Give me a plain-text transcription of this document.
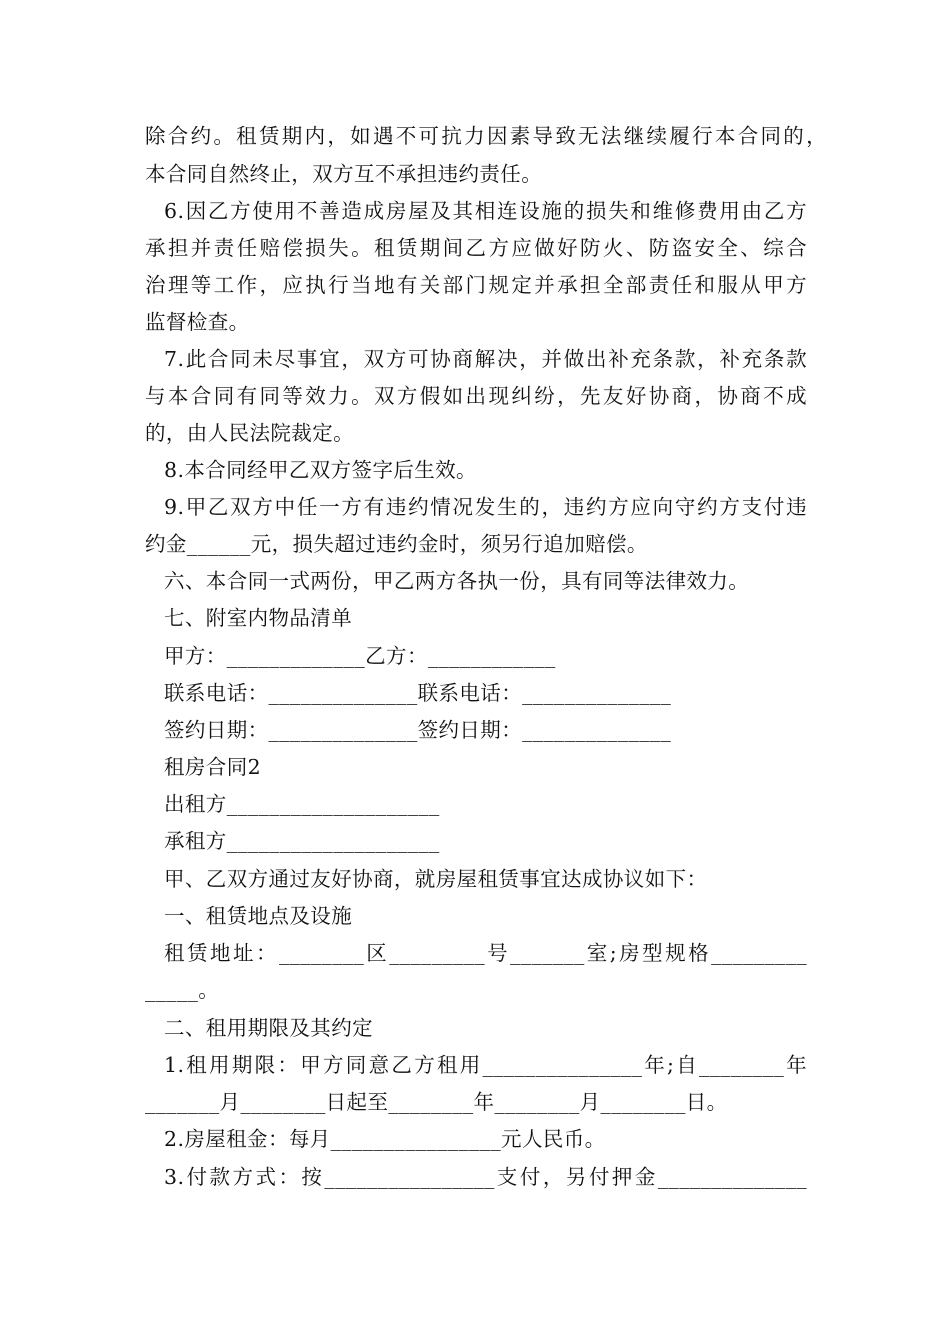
除合约。租赁期内，如遇不可抗力因素导致无法继续履行本合同的，
本合同自然终止，双方互不承担违约责任。
6.因乙方使用不善造成房屋及其相连设施的损失和维修费用由乙方
承担并责任赔偿损失。租赁期间乙方应做好防火、防盗安全、综合
治理等工作，应执行当地有关部门规定并承担全部责任和服从甲方
监督检查。
7.此合同未尽事宜，双方可协商解决，并做出补充条款，补充条款
与本合同有同等效力。双方假如出现纠纷，先友好协商，协商不成
的，由人民法院裁定。
8.本合同经甲乙双方签字后生效。
9.甲乙双方中任一方有违约情况发生的，违约方应向守约方支付违
约金______元，损失超过违约金时，须另行追加赔偿。
六、本合同一式两份，甲乙两方各执一份，具有同等法律效力。
七、附室内物品清单
甲方：_____________乙方：____________
联系电话：______________联系电话：______________
签约日期：______________签约日期：______________
租房合同2
出租方____________________
承租方____________________
甲、乙双方通过友好协商，就房屋租赁事宜达成协议如下：
一、租赁地点及设施
租赁地址：________区_________号_______室;房型规格_________
_____。
二、租用期限及其约定
1.租用期限：甲方同意乙方租用_______________年;自________年
_______月________日起至________年________月________日。
2.房屋租金：每月________________元人民币。
3.付款方式：按________________支付，另付押金______________
